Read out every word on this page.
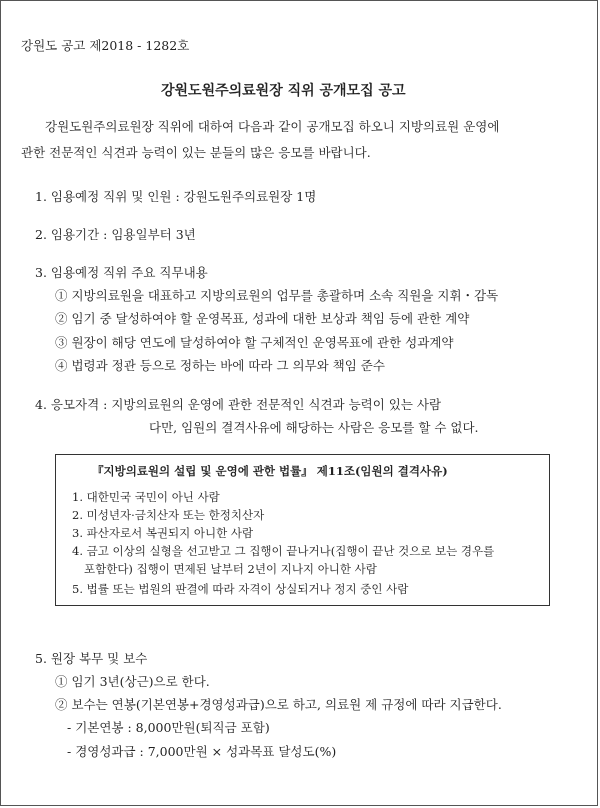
강원도 공고 제2018 - 1282호
강원도원주의료원장 직위 공개모집 공고
강원도원주의료원장 직위에 대하여 다음과 같이 공개모집 하오니 지방의료원 운영에
관한 전문적인 식견과 능력이 있는 분들의 많은 응모를 바랍니다.
1. 임용예정 직위 및 인원 : 강원도원주의료원장 1명
2. 임용기간 : 임용일부터 3년
3. 임용예정 직위 주요 직무내용
① 지방의료원을 대표하고 지방의료원의 업무를 총괄하며 소속 직원을 지휘・감독
② 임기 중 달성하여야 할 운영목표, 성과에 대한 보상과 책임 등에 관한 계약
③ 원장이 해당 연도에 달성하여야 할 구체적인 운영목표에 관한 성과계약
④ 법령과 정관 등으로 정하는 바에 따라 그 의무와 책임 준수
4. 응모자격 : 지방의료원의 운영에 관한 전문적인 식견과 능력이 있는 사람
다만, 임원의 결격사유에 해당하는 사람은 응모를 할 수 없다.
『지방의료원의 설립 및 운영에 관한 법률』 제11조(임원의 결격사유)
1. 대한민국 국민이 아닌 사람
2. 미성년자·금치산자 또는 한정치산자
3. 파산자로서 복권되지 아니한 사람
4. 금고 이상의 실형을 선고받고 그 집행이 끝나거나(집행이 끝난 것으로 보는 경우를
포함한다) 집행이 면제된 날부터 2년이 지나지 아니한 사람
5. 법률 또는 법원의 판결에 따라 자격이 상실되거나 정지 중인 사람
5. 원장 복무 및 보수
① 임기 3년(상근)으로 한다.
② 보수는 연봉(기본연봉+경영성과급)으로 하고, 의료원 제 규정에 따라 지급한다.
- 기본연봉 : 8,000만원(퇴직금 포함)
- 경영성과급 : 7,000만원 × 성과목표 달성도(%)
